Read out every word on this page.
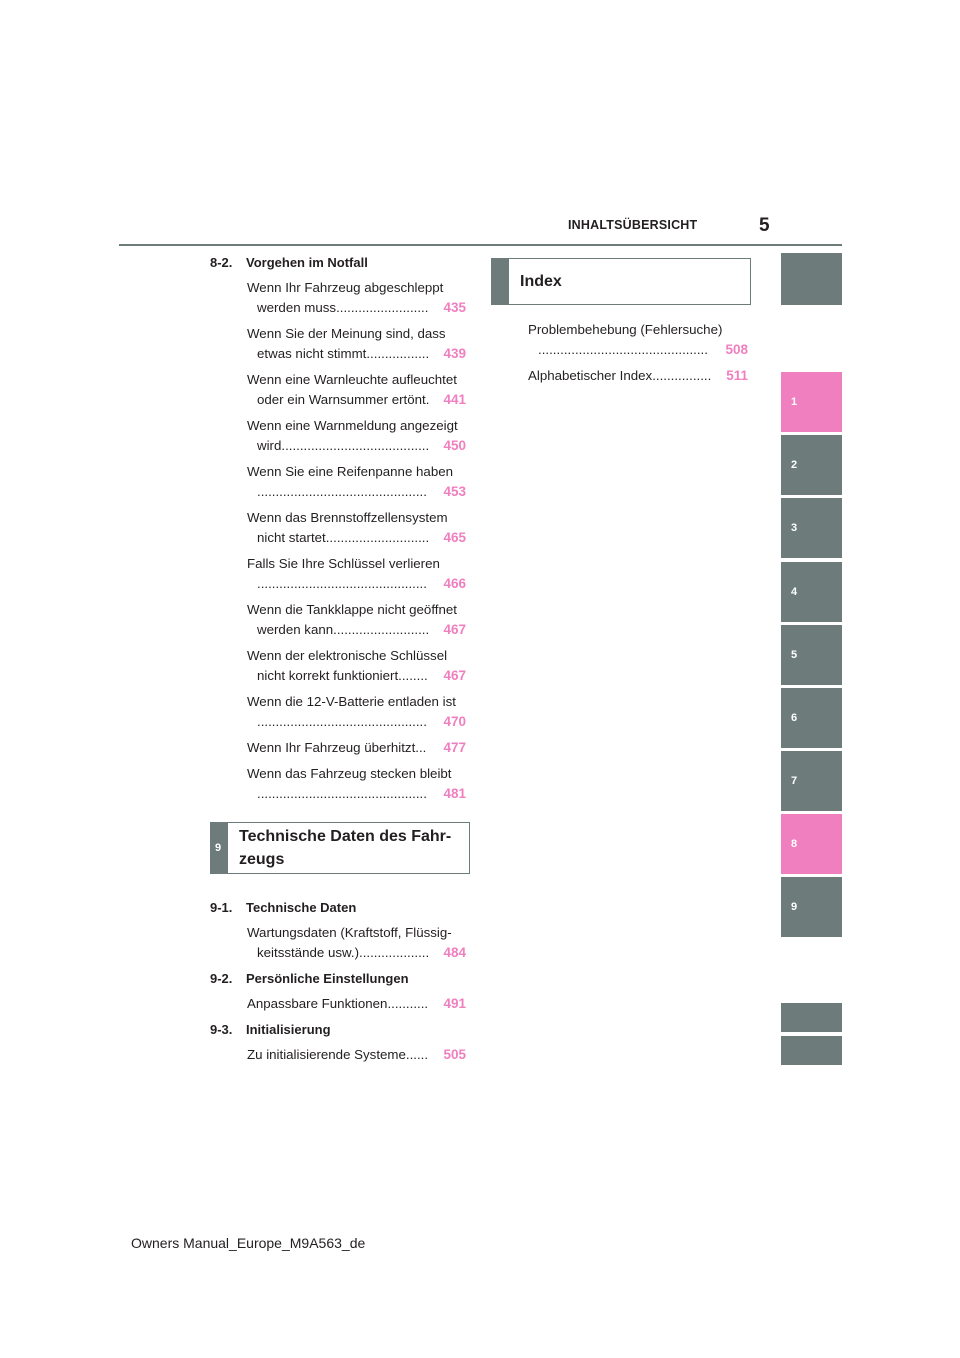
INHALTSÜBERSICHT	5
1
2
3
4
5
6
7
8
9
8-2. Vorgehen im Notfall
Wenn Ihr Fahrzeug abgeschleppt
werden muss .........................	435
Wenn Sie der Meinung sind, dass
etwas nicht stimmt .................	439
Wenn eine Warnleuchte aufleuchtet
oder ein Warnsummer ertönt .	441
Wenn eine Warnmeldung angezeigt
wird ........................................	450
Wenn Sie eine Reifenpanne haben
..............................................	453
Wenn das Brennstoffzellensystem
nicht startet ............................	465
Falls Sie Ihre Schlüssel verlieren
..............................................	466
Wenn die Tankklappe nicht geöffnet
werden kann ..........................	467
Wenn der elektronische Schlüssel
nicht korrekt funktioniert ........	467
Wenn die 12-V-Batterie entladen ist
..............................................	470
Wenn Ihr Fahrzeug überhitzt ...	477
Wenn das Fahrzeug stecken bleibt
..............................................	481
9
Technische Daten des Fahr-
zeugs
9-1. Technische Daten
Wartungsdaten (Kraftstoff, Flüssig-
keitsstände usw.) ...................	484
9-2. Persönliche Einstellungen
Anpassbare Funktionen ...........	491
9-3. Initialisierung
Zu initialisierende Systeme ......	505
Index
Problembehebung (Fehlersuche)
..............................................	508
Alphabetischer Index ................	511
Owners Manual_Europe_M9A563_de
